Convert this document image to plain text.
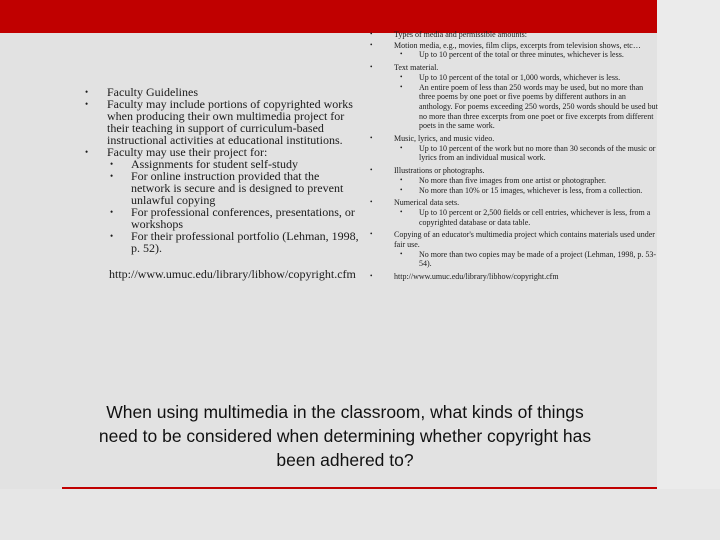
• Faculty Guidelines
• Faculty may include portions of copyrighted works when producing their own multimedia project for their teaching in support of curriculum-based instructional activities at educational institutions.
• Faculty may use their project for:
• Assignments for student self-study
• For online instruction provided that the network is secure and is designed to prevent unlawful copying
• For professional conferences, presentations, or workshops
• For their professional portfolio (Lehman, 1998, p. 52).
http://www.umuc.edu/library/libhow/copyright.cfm
•	Types of media and permissible amounts:
•	Motion media, e.g., movies, film clips, excerpts from television shows, etc…
• Up to 10 percent of the total or three minutes, whichever is less.
•	Text material.
• Up to 10 percent of the total or 1,000 words, whichever is less.
• An entire poem of less than 250 words may be used, but no more than three poems by one poet or five poems by different authors in an anthology. For poems exceeding 250 words, 250 words should be used but no more than three excerpts from one poet or five excerpts from different poets in the same work.
•	Music, lyrics, and music video.
• Up to 10 percent of the work but no more than 30 seconds of the music or lyrics from an individual musical work.
•	Illustrations or photographs.
• No more than five images from one artist or photographer.
• No more than 10% or 15 images, whichever is less, from a collection.
•	Numerical data sets.
• Up to 10 percent or 2,500 fields or cell entries, whichever is less, from a copyrighted database or data table.
•	Copying of an educator's multimedia project which contains materials used under fair use.
• No more than two copies may be made of a project (Lehman, 1998, p. 53-54).
•	http://www.umuc.edu/library/libhow/copyright.cfm
When using multimedia in the classroom, what kinds of things need to be considered when determining whether copyright has been adhered to?
